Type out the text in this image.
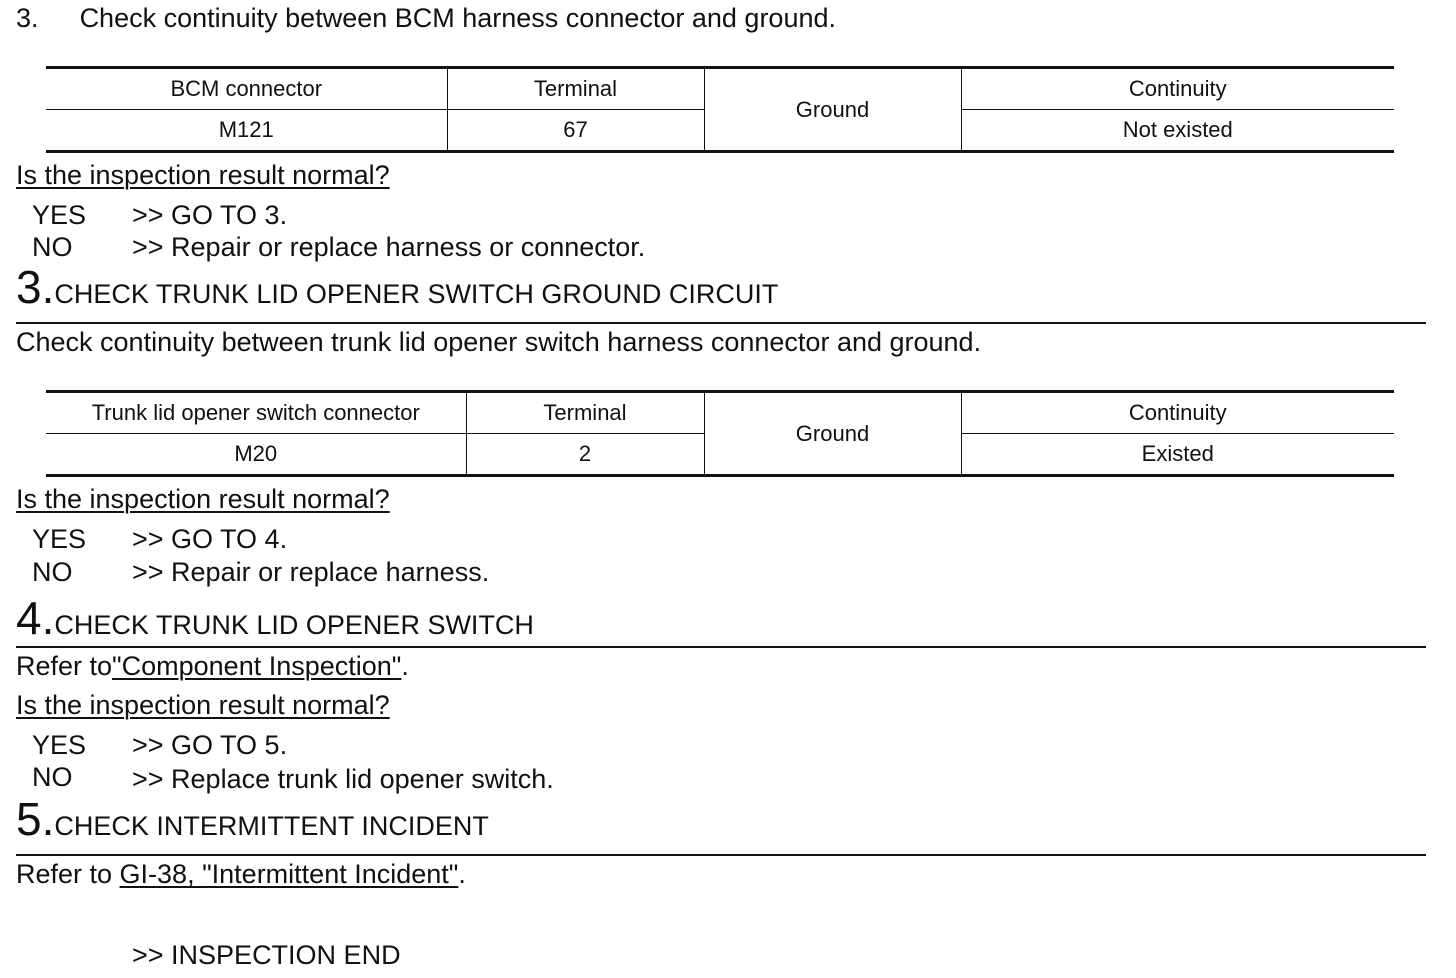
3. Check continuity between BCM harness connector and ground.
BCM connector	Terminal	Ground	Continuity
M121	67		Not existed
Is the inspection result normal?
YES >> GO TO 3.
NO >> Repair or replace harness or connector.
3.CHECK TRUNK LID OPENER SWITCH GROUND CIRCUIT
Check continuity between trunk lid opener switch harness connector and ground.
Trunk lid opener switch connector	Terminal	Ground	Continuity
M20	2		Existed
Is the inspection result normal?
YES >> GO TO 4.
NO >> Repair or replace harness.
4.CHECK TRUNK LID OPENER SWITCH
Refer to"Component Inspection".
Is the inspection result normal?
YES >> GO TO 5.
NO >> Replace trunk lid opener switch.
5.CHECK INTERMITTENT INCIDENT
Refer to GI-38, "Intermittent Incident".
>> INSPECTION END
